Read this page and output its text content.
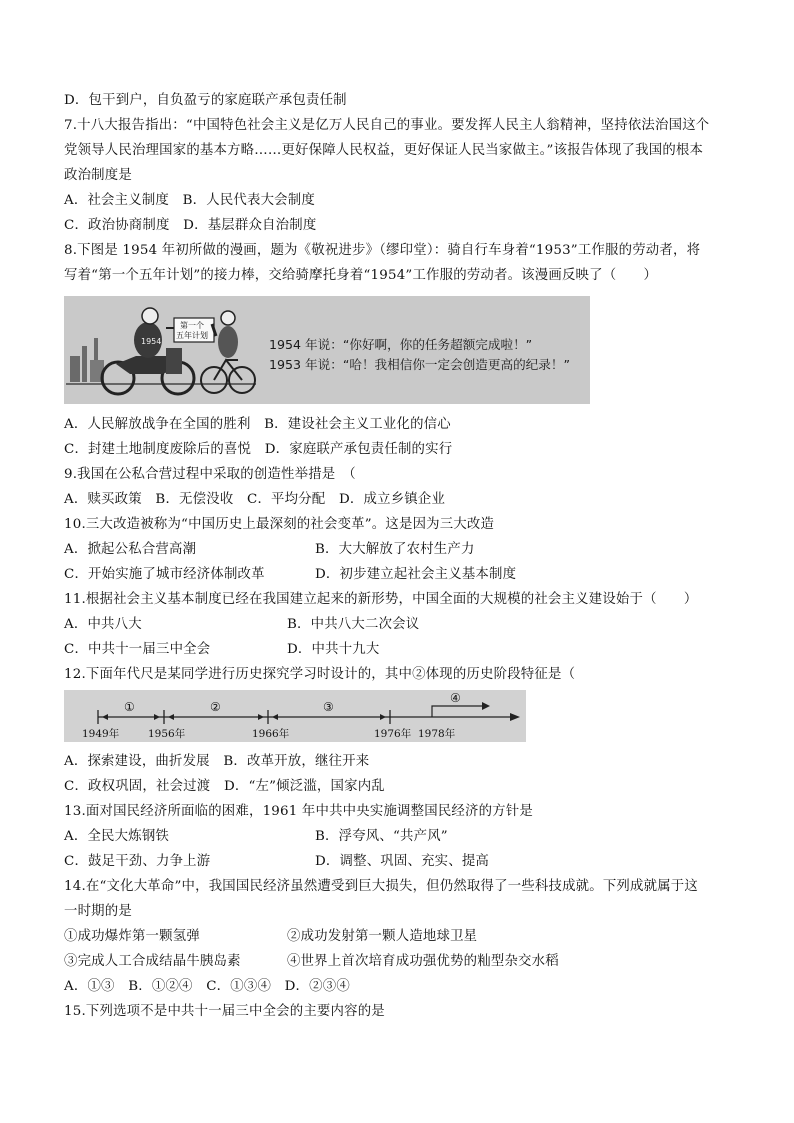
D．包干到户，自负盈亏的家庭联产承包责任制
7.十八大报告指出：“中国特色社会主义是亿万人民自己的事业。要发挥人民主人翁精神，坚持依法治国这个
党领导人民治理国家的基本方略……更好保障人民权益，更好保证人民当家做主。”该报告体现了我国的根本
政治制度是
A．社会主义制度　B．人民代表大会制度
C．政治协商制度　D．基层群众自治制度
8.下图是 1954 年初所做的漫画，题为《敬祝进步》（缪印堂）：骑自行车身着“1953”工作服的劳动者，将
写着“第一个五年计划”的接力棒，交给骑摩托身着“1954”工作服的劳动者。该漫画反映了（　　）
1954
第一个
五年计划
1954 年说：“你好啊，你的任务超额完成啦！”
1953 年说：“哈！我相信你一定会创造更高的纪录！”
A．人民解放战争在全国的胜利　B．建设社会主义工业化的信心
C．封建土地制度废除后的喜悦　D．家庭联产承包责任制的实行
9.我国在公私合营过程中采取的创造性举措是　（
A．赎买政策　B．无偿没收　C．平均分配　D．成立乡镇企业
10.三大改造被称为“中国历史上最深刻的社会变革”。这是因为三大改造
A．掀起公私合营高潮	B．大大解放了农村生产力
C．开始实施了城市经济体制改革	D．初步建立起社会主义基本制度
11.根据社会主义基本制度已经在我国建立起来的新形势，中国全面的大规模的社会主义建设始于（　　）
A．中共八大	B．中共八大二次会议
C．中共十一届三中全会	D．中共十九大
12.下面年代尺是某同学进行历史探究学习时设计的，其中②体现的历史阶段特征是（
①	②	③
④
1949年	1956年	1966年	1976年 1978年
A．探索建设，曲折发展　B．改革开放，继往开来
C．政权巩固，社会过渡　D．“左”倾泛滥，国家内乱
13.面对国民经济所面临的困难，1961 年中共中央实施调整国民经济的方针是
A．全民大炼钢铁	B．浮夸风、“共产风”
C．鼓足干劲、力争上游	D．调整、巩固、充实、提高
14.在“文化大革命”中，我国国民经济虽然遭受到巨大损失，但仍然取得了一些科技成就。下列成就属于这
一时期的是
①成功爆炸第一颗氢弹	②成功发射第一颗人造地球卫星
③完成人工合成结晶牛胰岛素	④世界上首次培育成功强优势的籼型杂交水稻
A．①③　B．①②④　C．①③④　D．②③④
15.下列选项不是中共十一届三中全会的主要内容的是
